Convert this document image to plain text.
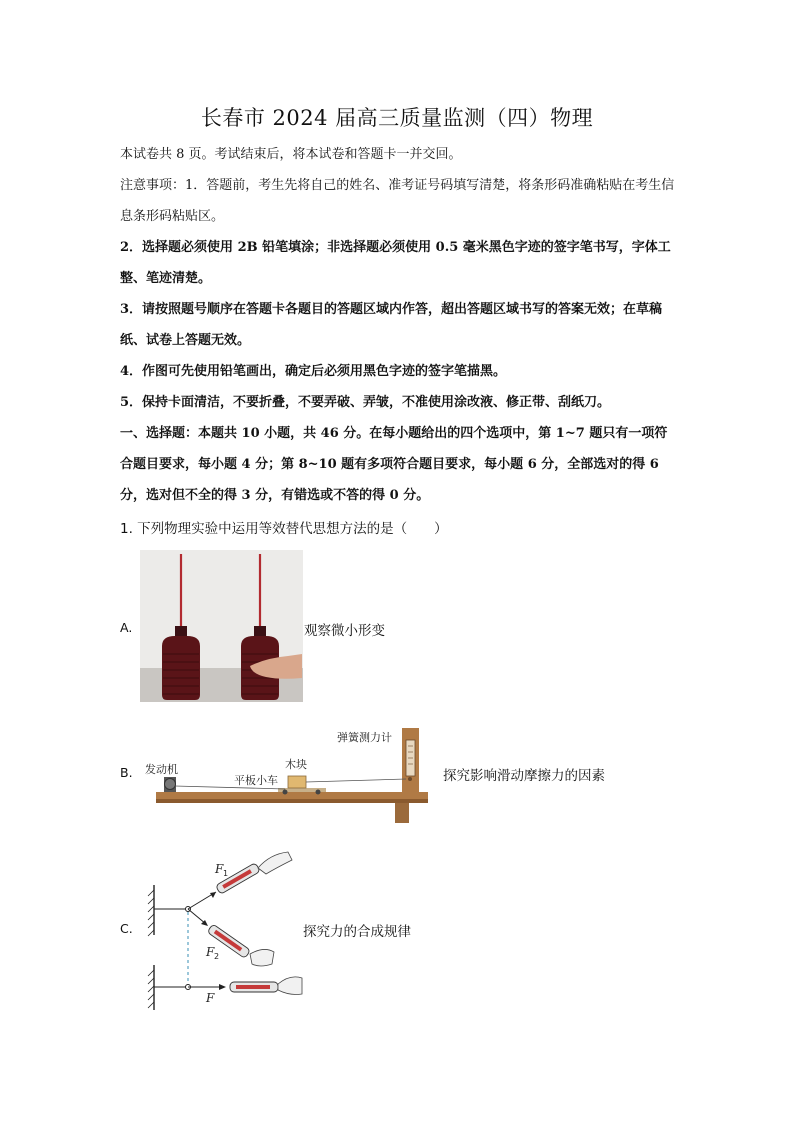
长春市 2024 届高三质量监测（四）物理

本试卷共 8 页。考试结束后，将本试卷和答题卡一并交回。

注意事项：1．答题前，考生先将自己的姓名、准考证号码填写清楚，将条形码准确粘贴在考生信息条形码粘贴区。

2．选择题必须使用 2B 铅笔填涂；非选择题必须使用 0.5 毫米黑色字迹的签字笔书写，字体工整、笔迹清楚。

3．请按照题号顺序在答题卡各题目的答题区域内作答，超出答题区域书写的答案无效；在草稿纸、试卷上答题无效。

4．作图可先使用铅笔画出，确定后必须用黑色字迹的签字笔描黑。

5．保持卡面清洁，不要折叠，不要弄破、弄皱，不准使用涂改液、修正带、刮纸刀。

一、选择题：本题共 10 小题，共 46 分。在每小题给出的四个选项中，第 1~7 题只有一项符合题目要求，每小题 4 分；第 8~10 题有多项符合题目要求，每小题 6 分，全部选对的得 6 分，选对但不全的得 3 分，有错选或不答的得 0 分。

1. 下列物理实验中运用等效替代思想方法的是（　　）
A.	观察微小形变
B. 发动机
平板小车
木块
弹簧测力计
探究影响滑动摩擦力的因素
C.
F 1
F 2
F
探究力的合成规律
